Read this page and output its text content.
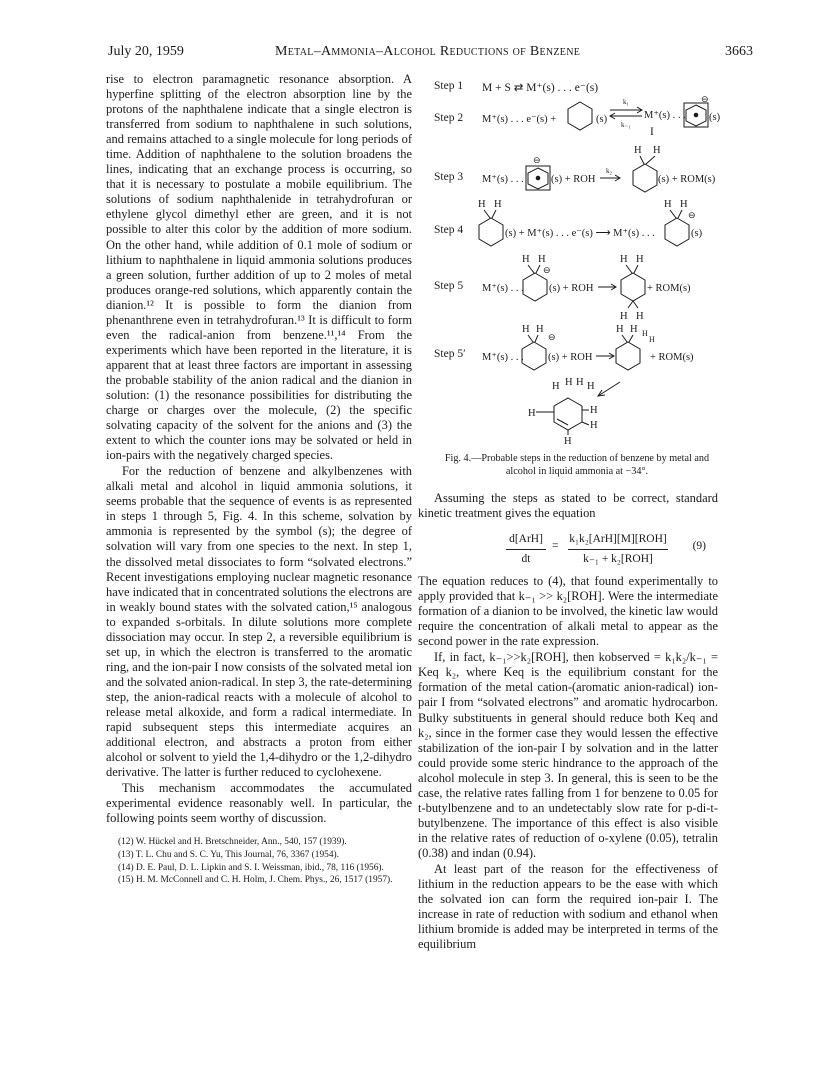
July 20, 1959	Metal–Ammonia–Alcohol Reductions of Benzene	3663

rise to electron paramagnetic resonance absorption. A hyperfine splitting of the electron absorption line by the protons of the naphthalene indicate that a single electron is transferred from sodium to naphthalene in such solutions, and remains attached to a single molecule for long periods of time. Addition of naphthalene to the solution broadens the lines, indicating that an exchange process is occurring, so that it is necessary to postulate a mobile equilibrium. The solutions of sodium naphthalenide in tetrahydrofuran or ethylene glycol dimethyl ether are green, and it is not possible to alter this color by the addition of more sodium. On the other hand, while addition of 0.1 mole of sodium or lithium to naphthalene in liquid ammonia solutions produces a green solution, further addition of up to 2 moles of metal produces orange-red solutions, which apparently contain the dianion.¹² It is possible to form the dianion from phenanthrene even in tetrahydrofuran.¹³ It is difficult to form even the radical-anion from benzene.¹¹,¹⁴ From the experiments which have been reported in the literature, it is apparent that at least three factors are important in assessing the probable stability of the anion radical and the dianion in solution: (1) the resonance possibilities for distributing the charge or charges over the molecule, (2) the specific solvating capacity of the solvent for the anions and (3) the extent to which the counter ions may be solvated or held in ion-pairs with the negatively charged species.

For the reduction of benzene and alkylbenzenes with alkali metal and alcohol in liquid ammonia solutions, it seems probable that the sequence of events is as represented in steps 1 through 5, Fig. 4. In this scheme, solvation by ammonia is represented by the symbol (s); the degree of solvation will vary from one species to the next. In step 1, the dissolved metal dissociates to form “solvated electrons.” Recent investigations employing nuclear magnetic resonance have indicated that in concentrated solutions the electrons are in weakly bound states with the solvated cation,¹⁵ analogous to expanded s-orbitals. In dilute solutions more complete dissociation may occur. In step 2, a reversible equilibrium is set up, in which the electron is transferred to the aromatic ring, and the ion-pair I now consists of the solvated metal ion and the solvated anion-radical. In step 3, the rate-determining step, the anion-radical reacts with a molecule of alcohol to release metal alkoxide, and form a radical intermediate. In rapid subsequent steps this intermediate acquires an additional electron, and abstracts a proton from either alcohol or solvent to yield the 1,4-dihydro or the 1,2-dihydro derivative. The latter is further reduced to cyclohexene.

This mechanism accommodates the accumulated experimental evidence reasonably well. In particular, the following points seem worthy of discussion.

(12) W. Hückel and H. Bretschneider, Ann., 540, 157 (1939).
(13) T. L. Chu and S. C. Yu, This Journal, 76, 3367 (1954).
(14) D. E. Paul, D. L. Lipkin and S. I. Weissman, ibid., 78, 116 (1956).
(15) H. M. McConnell and C. H. Holm, J. Chem. Phys., 26, 1517 (1957).
Step 1 M + S ⇄ M⁺(s) . . . e⁻(s)
Step 2
Step 3
Step 4
Step 5
Step 5′
I
M⁺(s) . . . e⁻(s) +	(s)
k₁
k₋₁
M⁺(s) . . . (s)
⊖
M⁺(s) . . .
⊖
(s) + ROH
k₂
H H
(s) + ROM(s)
H H
(s) + M⁺(s) . . . e⁻(s) ⟶ M⁺(s) . . .
H H
⊖
(s)
M⁺(s) . . .
H H
⊖
(s) + ROH
H H
H H
+ ROM(s)
M⁺(s) . . .
H H
⊖
(s) + ROH
H H H
H
+ ROM(s)
H H H H
H	H
H
H
Fig. 4.—Probable steps in the reduction of benzene by metal and alcohol in liquid ammonia at −34°.

Assuming the steps as stated to be correct, standard kinetic treatment gives the equation

d[ArH]
dt
=
k₁k₂[ArH][M][ROH]
k₋₁ + k₂[ROH]
(9)

The equation reduces to (4), that found experimentally to apply provided that k₋₁ >> k₂[ROH]. Were the intermediate formation of a dianion to be involved, the kinetic law would require the concentration of alkali metal to appear as the second power in the rate expression.

If, in fact, k₋₁>>k₂[ROH], then kobserved = k₁k₂/k₋₁ = Keq k₂, where Keq is the equilibrium constant for the formation of the metal cation-(aromatic anion-radical) ion-pair I from “solvated electrons” and aromatic hydrocarbon. Bulky substituents in general should reduce both Keq and k₂, since in the former case they would lessen the effective stabilization of the ion-pair I by solvation and in the latter could provide some steric hindrance to the approach of the alcohol molecule in step 3. In general, this is seen to be the case, the relative rates falling from 1 for benzene to 0.05 for t-butylbenzene and to an undetectably slow rate for p-di-t-butylbenzene. The importance of this effect is also visible in the relative rates of reduction of o-xylene (0.05), tetralin (0.38) and indan (0.94).

At least part of the reason for the effectiveness of lithium in the reduction appears to be the ease with which the solvated ion can form the required ion-pair I. The increase in rate of reduction with sodium and ethanol when lithium bromide is added may be interpreted in terms of the equilibrium
